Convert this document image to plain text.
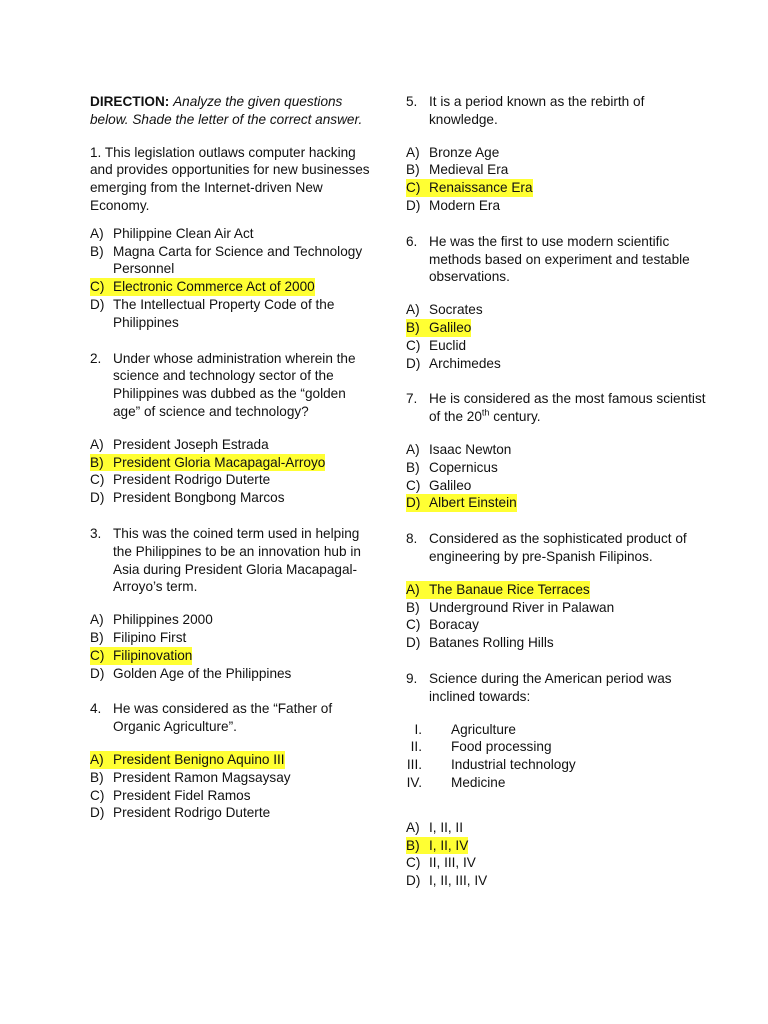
DIRECTION: Analyze the given questions below. Shade the letter of the correct answer.
1. This legislation outlaws computer hacking and provides opportunities for new businesses emerging from the Internet-driven New Economy.
A) Philippine Clean Air Act
B) Magna Carta for Science and Technology Personnel
C) Electronic Commerce Act of 2000
D) The Intellectual Property Code of the Philippines
2. Under whose administration wherein the science and technology sector of the Philippines was dubbed as the “golden age” of science and technology?
A) President Joseph Estrada
B) President Gloria Macapagal-Arroyo
C) President Rodrigo Duterte
D) President Bongbong Marcos
3. This was the coined term used in helping the Philippines to be an innovation hub in Asia during President Gloria Macapagal-Arroyo’s term.
A) Philippines 2000
B) Filipino First
C) Filipinovation
D) Golden Age of the Philippines
4. He was considered as the “Father of Organic Agriculture”.
A) President Benigno Aquino III
B) President Ramon Magsaysay
C) President Fidel Ramos
D) President Rodrigo Duterte
5. It is a period known as the rebirth of knowledge.
A) Bronze Age
B) Medieval Era
C) Renaissance Era
D) Modern Era
6. He was the first to use modern scientific methods based on experiment and testable observations.
A) Socrates
B) Galileo
C) Euclid
D) Archimedes
7. He is considered as the most famous scientist of the 20th century.
A) Isaac Newton
B) Copernicus
C) Galileo
D) Albert Einstein
8. Considered as the sophisticated product of engineering by pre-Spanish Filipinos.
A) The Banaue Rice Terraces
B) Underground River in Palawan
C) Boracay
D) Batanes Rolling Hills
9. Science during the American period was inclined towards:
I. Agriculture
II. Food processing
III. Industrial technology
IV. Medicine
A) I, II, II
B) I, II, IV
C) II, III, IV
D) I, II, III, IV
